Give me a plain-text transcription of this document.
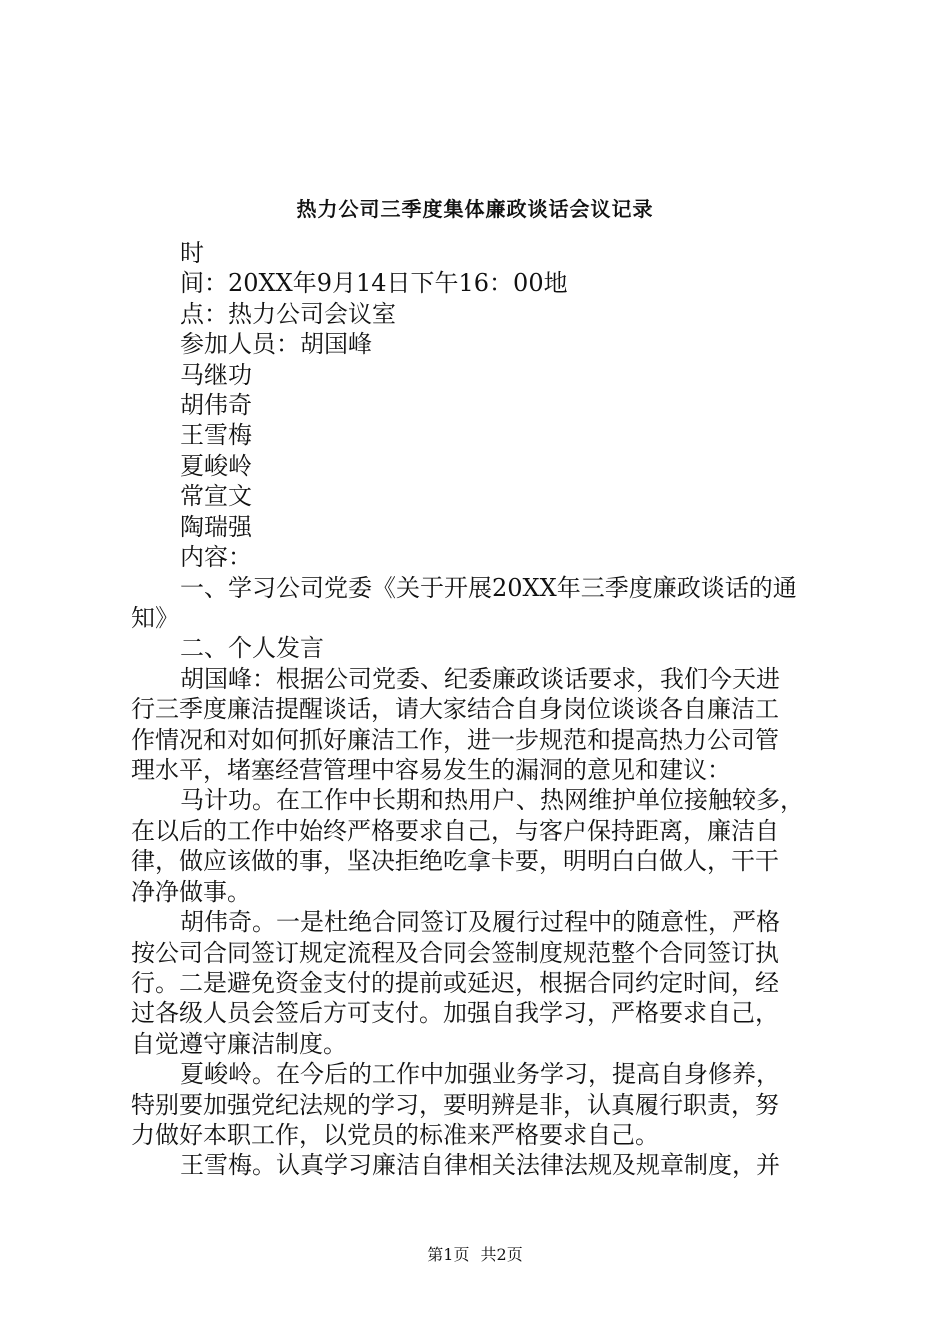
热力公司三季度集体廉政谈话会议记录

时

间：20XX年9月14日下午16：00地

点：热力公司会议室

参加人员：胡国峰

马继功

胡伟奇

王雪梅

夏峻岭

常宣文

陶瑞强

内容：

一、学习公司党委《关于开展20XX年三季度廉政谈话的通

知》

二、个人发言

胡国峰：根据公司党委、纪委廉政谈话要求，我们今天进

行三季度廉洁提醒谈话，请大家结合自身岗位谈谈各自廉洁工

作情况和对如何抓好廉洁工作，进一步规范和提高热力公司管

理水平，堵塞经营管理中容易发生的漏洞的意见和建议：

马计功。在工作中长期和热用户、热网维护单位接触较多，

在以后的工作中始终严格要求自己，与客户保持距离，廉洁自

律，做应该做的事，坚决拒绝吃拿卡要，明明白白做人，干干

净净做事。

胡伟奇。一是杜绝合同签订及履行过程中的随意性，严格

按公司合同签订规定流程及合同会签制度规范整个合同签订执

行。二是避免资金支付的提前或延迟，根据合同约定时间，经

过各级人员会签后方可支付。加强自我学习，严格要求自己，

自觉遵守廉洁制度。

夏峻岭。在今后的工作中加强业务学习，提高自身修养，

特别要加强党纪法规的学习，要明辨是非，认真履行职责，努

力做好本职工作，以党员的标准来严格要求自己。

王雪梅。认真学习廉洁自律相关法律法规及规章制度，并

第1页 共2页
